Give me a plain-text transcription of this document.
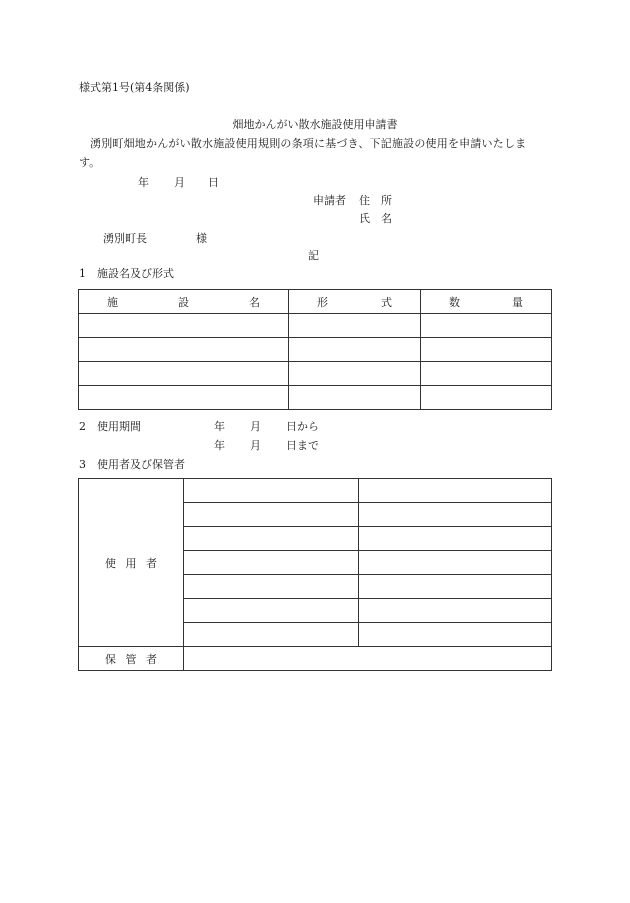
様式第1号(第4条関係)
畑地かんがい散水施設使用申請書
湧別町畑地かんがい散水施設使用規則の条項に基づき、下記施設の使用を申請いたしま
す。
年 月 日
申請者 住　所
氏　名
湧別町長	様
記
1　施設名及び形式
施 設 名	形 式	数 量

2　使用期間	年 月 日から
年 月 日まで
3　使用者及び保管者
使 用 者		

保 管 者		
